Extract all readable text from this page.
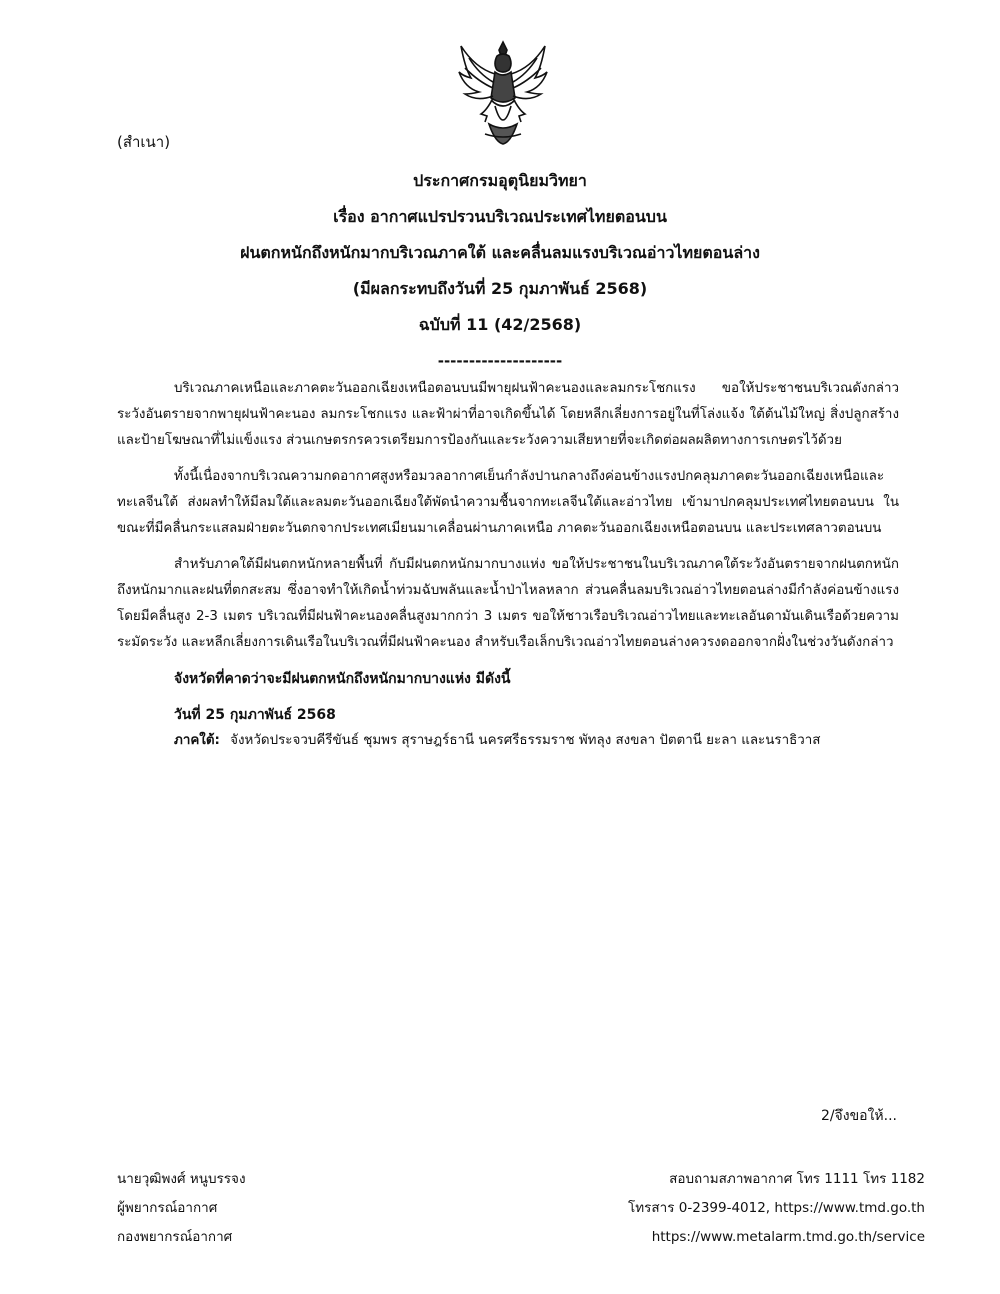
(สำเนา)
ประกาศกรมอุตุนิยมวิทยา
เรื่อง อากาศแปรปรวนบริเวณประเทศไทยตอนบน
ฝนตกหนักถึงหนักมากบริเวณภาคใต้ และคลื่นลมแรงบริเวณอ่าวไทยตอนล่าง
(มีผลกระทบถึงวันที่ 25 กุมภาพันธ์ 2568)
ฉบับที่ 11 (42/2568)
--------------------

บริเวณภาคเหนือและภาคตะวันออกเฉียงเหนือตอนบนมีพายุฝนฟ้าคะนองและลมกระโชกแรง ขอให้ประชาชนบริเวณดังกล่าวระวังอันตรายจากพายุฝนฟ้าคะนอง ลมกระโชกแรง และฟ้าผ่าที่อาจเกิดขึ้นได้ โดยหลีกเลี่ยงการอยู่ในที่โล่งแจ้ง ใต้ต้นไม้ใหญ่ สิ่งปลูกสร้างและป้ายโฆษณาที่ไม่แข็งแรง ส่วนเกษตรกรควรเตรียมการป้องกันและระวังความเสียหายที่จะเกิดต่อผลผลิตทางการเกษตรไว้ด้วย

ทั้งนี้เนื่องจากบริเวณความกดอากาศสูงหรือมวลอากาศเย็นกำลังปานกลางถึงค่อนข้างแรงปกคลุมภาคตะวันออกเฉียงเหนือและทะเลจีนใต้ ส่งผลทำให้มีลมใต้และลมตะวันออกเฉียงใต้พัดนำความชื้นจากทะเลจีนใต้และอ่าวไทย เข้ามาปกคลุมประเทศไทยตอนบน ในขณะที่มีคลื่นกระแสลมฝ่ายตะวันตกจากประเทศเมียนมาเคลื่อนผ่านภาคเหนือ ภาคตะวันออกเฉียงเหนือตอนบน และประเทศลาวตอนบน

สำหรับภาคใต้มีฝนตกหนักหลายพื้นที่ กับมีฝนตกหนักมากบางแห่ง ขอให้ประชาชนในบริเวณภาคใต้ระวังอันตรายจากฝนตกหนักถึงหนักมากและฝนที่ตกสะสม ซึ่งอาจทำให้เกิดน้ำท่วมฉับพลันและน้ำป่าไหลหลาก ส่วนคลื่นลมบริเวณอ่าวไทยตอนล่างมีกำลังค่อนข้างแรง โดยมีคลื่นสูง 2-3 เมตร บริเวณที่มีฝนฟ้าคะนองคลื่นสูงมากกว่า 3 เมตร ขอให้ชาวเรือบริเวณอ่าวไทยและทะเลอันดามันเดินเรือด้วยความระมัดระวัง และหลีกเลี่ยงการเดินเรือในบริเวณที่มีฝนฟ้าคะนอง สำหรับเรือเล็กบริเวณอ่าวไทยตอนล่างควรงดออกจากฝั่งในช่วงวันดังกล่าว

จังหวัดที่คาดว่าจะมีฝนตกหนักถึงหนักมากบางแห่ง มีดังนี้
วันที่ 25 กุมภาพันธ์ 2568
ภาคใต้: จังหวัดประจวบคีรีขันธ์ ชุมพร สุราษฎร์ธานี นครศรีธรรมราช พัทลุง สงขลา ปัตตานี ยะลา และนราธิวาส
2/จึงขอให้...
นายวุฒิพงศ์ หนูบรรจง
ผู้พยากรณ์อากาศ
กองพยากรณ์อากาศ
สอบถามสภาพอากาศ โทร 1111 โทร 1182
โทรสาร 0-2399-4012, https://www.tmd.go.th
https://www.metalarm.tmd.go.th/service
